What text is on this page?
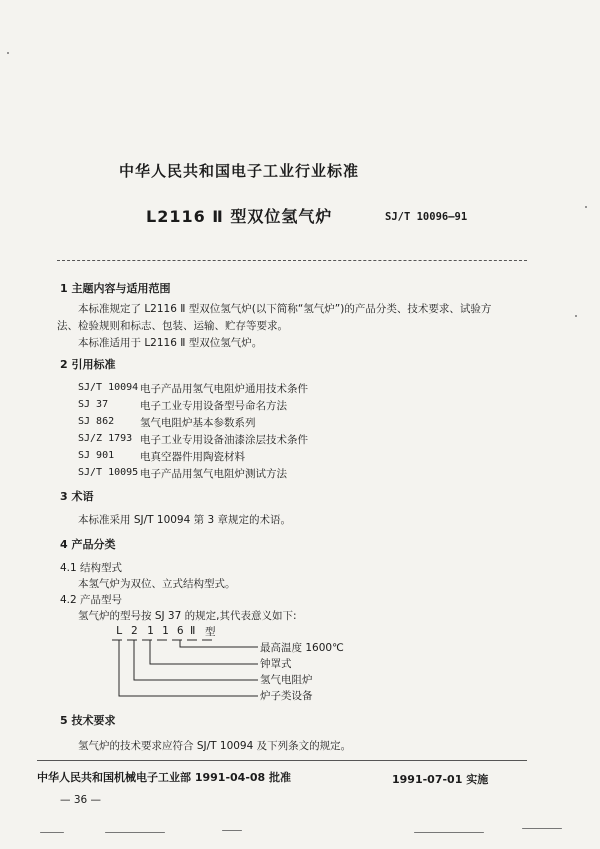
中华人民共和国电子工业行业标准
L2116 Ⅱ 型双位氢气炉	SJ/T 10096—91
1 主题内容与适用范围
本标准规定了 L2116 Ⅱ 型双位氢气炉(以下简称“氢气炉”)的产品分类、技术要求、试验方
法、检验规则和标志、包装、运输、贮存等要求。
本标准适用于 L2116 Ⅱ 型双位氢气炉。
2 引用标准
SJ/T 10094 电子产品用氢气电阻炉通用技术条件
SJ 37	电子工业专用设备型号命名方法
SJ 862 氢气电阻炉基本参数系列
SJ/Z 1793 电子工业专用设备油漆涂层技术条件
SJ 901 电真空器件用陶瓷材料
SJ/T 10095 电子产品用氢气电阻炉测试方法
3 术语
本标准采用 SJ/T 10094 第 3 章规定的术语。
4 产品分类
4.1 结构型式
本氢气炉为双位、立式结构型式。
4.2 产品型号
氢气炉的型号按 SJ 37 的规定,其代表意义如下:
L 2 1 1 6 Ⅱ 型
最高温度 1600℃
钟罩式
氢气电阻炉
炉子类设备
5 技术要求
氢气炉的技术要求应符合 SJ/T 10094 及下列条文的规定。
中华人民共和国机械电子工业部 1991-04-08 批准	1991-07-01 实施
— 36 —
